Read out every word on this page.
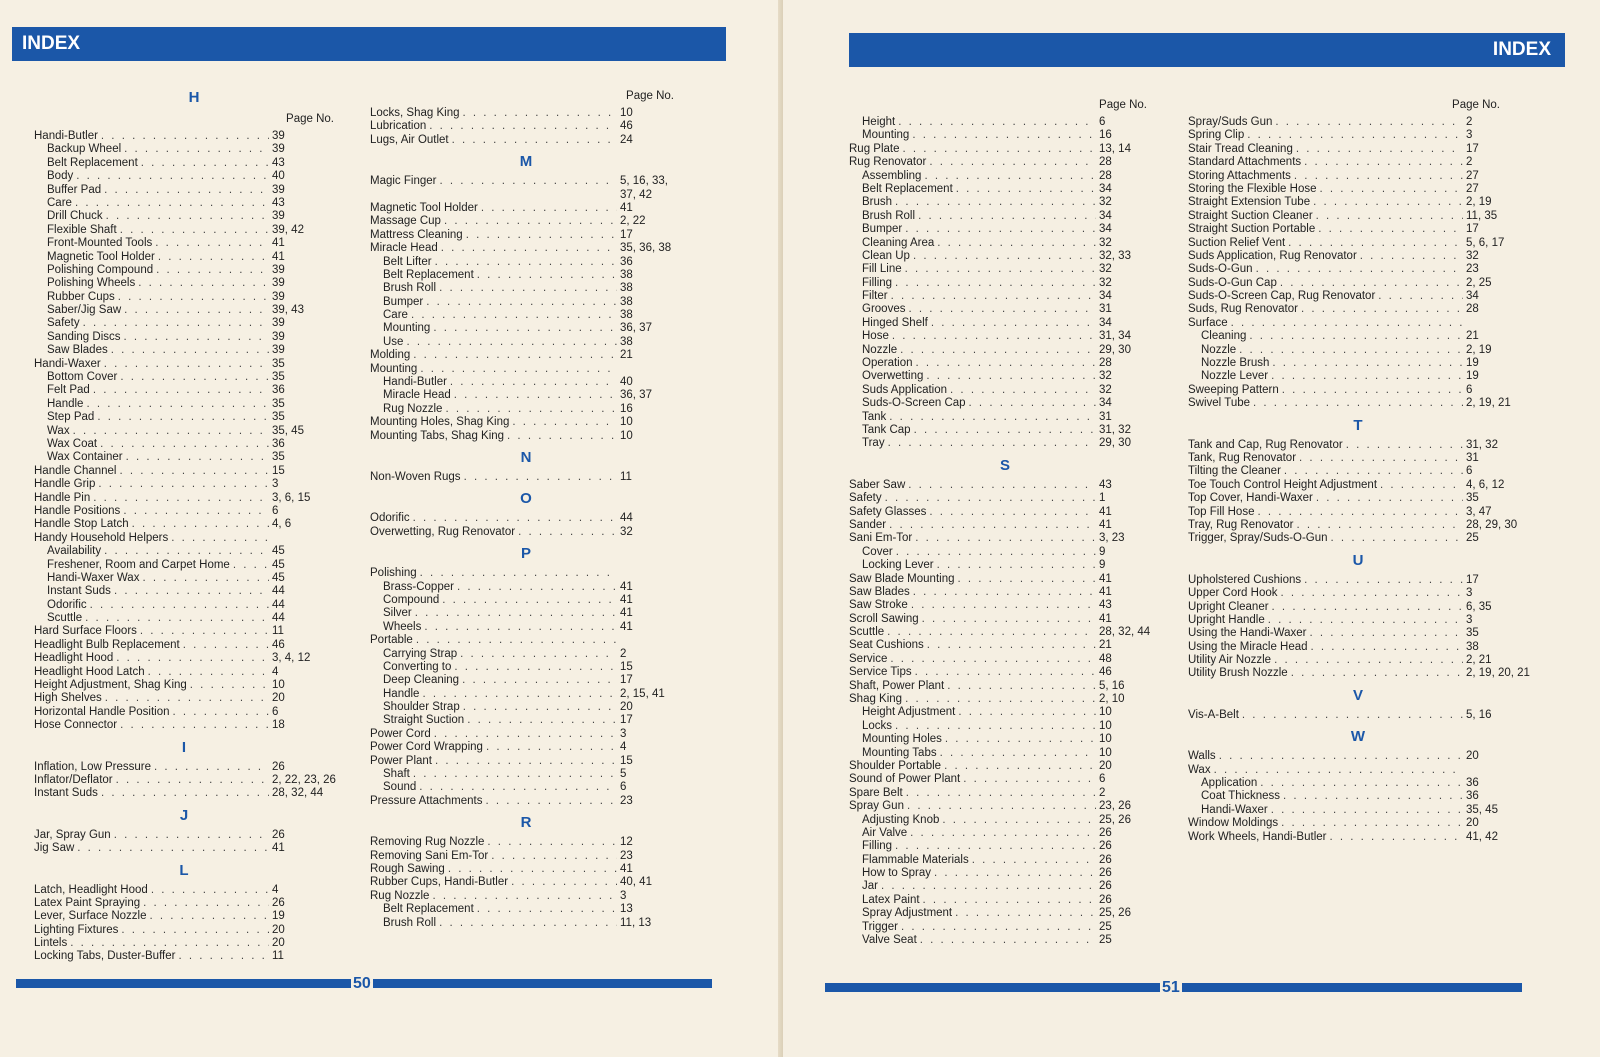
INDEX
H
Page No.
Handi-Butler . . .	39
Backup Wheel . . .	39
Belt Replacement . . .	43
Body . . .	40
Buffer Pad . . .	39
Care . . .	43
Drill Chuck . . .	39
Flexible Shaft . . .	39, 42
Front-Mounted Tools . . .	41
Magnetic Tool Holder . . .	41
Polishing Compound . . .	39
Polishing Wheels . . .	39
Rubber Cups . . .	39
Saber/Jig Saw . . .	39, 43
Safety . . .	39
Sanding Discs . . .	39
Saw Blades . . .	39
Handi-Waxer . . .	35
Bottom Cover . . .	35
Felt Pad . . .	36
Handle . . .	35
Step Pad . . .	35
Wax . . .	35, 45
Wax Coat . . .	36
Wax Container . . .	35
Handle Channel . . .	15
Handle Grip . . .	3
Handle Pin . . .	3, 6, 15
Handle Positions . . .	6
Handle Stop Latch . . .	4, 6
Handy Household Helpers
. . .
Availability . . .	45
Freshener, Room and Carpet Home . . .	45
Handi-Waxer Wax . . .	45
Instant Suds . . .	44
Odorific . . .	44
Scuttle . . .	44
Hard Surface Floors . . .	11
Headlight Bulb Replacement . . .	46
Headlight Hood . . .	3, 4, 12
Headlight Hood Latch . . .	4
Height Adjustment, Shag King . . .	10
High Shelves . . .	20
Horizontal Handle Position . . .	6
Hose Connector . . .	18
I
Inflation, Low Pressure . . .	26
Inflator/Deflator . . .	2, 22, 23, 26
Instant Suds . . .	28, 32, 44
J
Jar, Spray Gun . . .	26
Jig Saw . . .	41
L
Latch, Headlight Hood . . .	4
Latex Paint Spraying . . .	26
Lever, Surface Nozzle . . .	19
Lighting Fixtures . . .	20
Lintels . . .	20
Locking Tabs, Duster-Buffer . . .	11
Page No.
Locks, Shag King . . .	10
Lubrication . . .	46
Lugs, Air Outlet . . .	24
M
Magic Finger . . .	5, 16, 33,
37, 42
Magnetic Tool Holder . . .	41
Massage Cup . . .	2, 22
Mattress Cleaning . . .	17
Miracle Head . . .	35, 36, 38
Belt Lifter . . .	36
Belt Replacement . . .	38
Brush Roll . . .	38
Bumper . . .	38
Care . . .	38
Mounting . . .	36, 37
Use . . .	38
Molding . . .	21
Mounting
. . .
Handi-Butler . . .	40
Miracle Head . . .	36, 37
Rug Nozzle . . .	16
Mounting Holes, Shag King . . .	10
Mounting Tabs, Shag King . . .	10
N
Non-Woven Rugs . . .	11
O
Odorific . . .	44
Overwetting, Rug Renovator . . .	32
P
Polishing
. . .
Brass-Copper . . .	41
Compound . . .	41
Silver . . .	41
Wheels . . .	41
Portable
. . .
Carrying Strap . . .	2
Converting to . . .	15
Deep Cleaning . . .	17
Handle . . .	2, 15, 41
Shoulder Strap . . .	20
Straight Suction . . .	17
Power Cord . . .	3
Power Cord Wrapping . . .	4
Power Plant . . .	15
Shaft . . .	5
Sound . . .	6
Pressure Attachments . . .	23
R
Removing Rug Nozzle . . .	12
Removing Sani Em-Tor . . .	23
Rough Sawing . . .	41
Rubber Cups, Handi-Butler . . .	40, 41
Rug Nozzle . . .	3
Belt Replacement . . .	13
Brush Roll . . .	11, 13
50
INDEX
Page No.
Height . . .	6
Mounting . . .	16
Rug Plate . . .	13, 14
Rug Renovator . . .	28
Assembling . . .	28
Belt Replacement . . .	34
Brush . . .	32
Brush Roll . . .	34
Bumper . . .	34
Cleaning Area . . .	32
Clean Up . . .	32, 33
Fill Line . . .	32
Filling . . .	32
Filter . . .	34
Grooves . . .	31
Hinged Shelf . . .	34
Hose . . .	31, 34
Nozzle . . .	29, 30
Operation . . .	28
Overwetting . . .	32
Suds Application . . .	32
Suds-O-Screen Cap . . .	34
Tank . . .	31
Tank Cap . . .	31, 32
Tray . . .	29, 30
S
Saber Saw . . .	43
Safety . . .	1
Safety Glasses . . .	41
Sander . . .	41
Sani Em-Tor . . .	3, 23
Cover . . .	9
Locking Lever . . .	9
Saw Blade Mounting . . .	41
Saw Blades . . .	41
Saw Stroke . . .	43
Scroll Sawing . . .	41
Scuttle . . .	28, 32, 44
Seat Cushions . . .	21
Service . . .	48
Service Tips . . .	46
Shaft, Power Plant . . .	5, 16
Shag King . . .	2, 10
Height Adjustment . . .	10
Locks . . .	10
Mounting Holes . . .	10
Mounting Tabs . . .	10
Shoulder Portable . . .	20
Sound of Power Plant . . .	6
Spare Belt . . .	2
Spray Gun . . .	23, 26
Adjusting Knob . . .	25, 26
Air Valve . . .	26
Filling . . .	26
Flammable Materials . . .	26
How to Spray . . .	26
Jar . . .	26
Latex Paint . . .	26
Spray Adjustment . . .	25, 26
Trigger . . .	25
Valve Seat . . .	25
Page No.
Spray/Suds Gun . . .	2
Spring Clip . . .	3
Stair Tread Cleaning . . .	17
Standard Attachments . . .	2
Storing Attachments . . .	27
Storing the Flexible Hose . . .	27
Straight Extension Tube . . .	2, 19
Straight Suction Cleaner . . .	11, 35
Straight Suction Portable . . .	17
Suction Relief Vent . . .	5, 6, 17
Suds Application, Rug Renovator . . .	32
Suds-O-Gun . . .	23
Suds-O-Gun Cap . . .	2, 25
Suds-O-Screen Cap, Rug Renovator . . .	34
Suds, Rug Renovator . . .	28
Surface
. . .
Cleaning . . .	21
Nozzle . . .	2, 19
Nozzle Brush . . .	19
Nozzle Lever . . .	19
Sweeping Pattern . . .	6
Swivel Tube . . .	2, 19, 21
T
Tank and Cap, Rug Renovator . . .	31, 32
Tank, Rug Renovator . . .	31
Tilting the Cleaner . . .	6
Toe Touch Control Height Adjustment . . .	4, 6, 12
Top Cover, Handi-Waxer . . .	35
Top Fill Hose . . .	3, 47
Tray, Rug Renovator . . .	28, 29, 30
Trigger, Spray/Suds-O-Gun . . .	25
U
Upholstered Cushions . . .	17
Upper Cord Hook . . .	3
Upright Cleaner . . .	6, 35
Upright Handle . . .	3
Using the Handi-Waxer . . .	35
Using the Miracle Head . . .	38
Utility Air Nozzle . . .	2, 21
Utility Brush Nozzle . . .	2, 19, 20, 21
V
Vis-A-Belt . . .	5, 16
W
Walls . . .	20
Wax
. . .
Application . . .	36
Coat Thickness . . .	36
Handi-Waxer . . .	35, 45
Window Moldings . . .	20
Work Wheels, Handi-Butler . . .	41, 42
51
